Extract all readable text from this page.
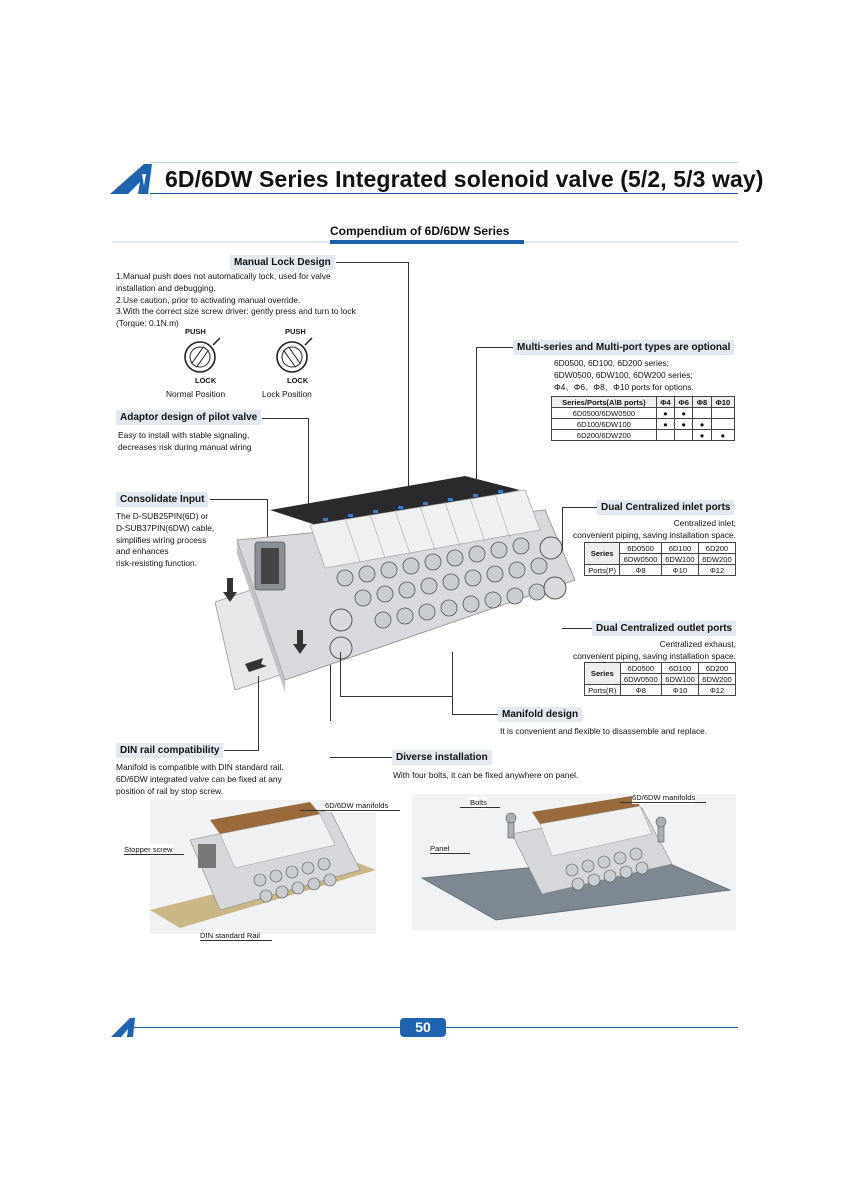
6D/6DW Series Integrated solenoid valve (5/2, 5/3 way)
Compendium of 6D/6DW Series
Manual Lock Design
1.Manual push does not automatically lock, used for valve
installation and debugging.
2.Use caution, prior to activating manual override.
3.With the correct size screw driver: gently press and turn to lock
(Torque: 0.1N.m)
PUSH
LOCK
Normal Position
PUSH
LOCK
Lock Position
Adaptor design of pilot valve
Easy to install with stable signaling,
decreases risk during manual wiring
Consolidate Input
The D-SUB25PIN(6D) or
D-SUB37PIN(6DW) cable,
simplifies wiring process
and enhances
risk-resisting function.
Multi-series and Multi-port types are optional
6D0500, 6D100, 6D200 series;
6DW0500, 6DW100, 6DW200 series;
Φ4、Φ6、Φ8、Φ10 ports for options.
Series/Ports(A\B ports)	Φ4	Φ6	Φ8	Φ10
6D0500/6DW0500	●	●		
6D100/6DW100	●	●	●	
6D200/6DW200			●	●
Dual Centralized inlet ports
Centralized inlet,
convenient piping, saving installation space.
Series	6D0500	6D100	6D200
	6DW0500	6DW100	6DW200
Ports(P)	Φ8	Φ10	Φ12
Dual Centralized outlet ports
Centralized exhaust,
convenient piping, saving installation space.
Series	6D0500	6D100	6D200
	6DW0500	6DW100	6DW200
Ports(R)	Φ8	Φ10	Φ12
Manifold design
It is convenient and flexible to disassemble and replace.
DIN rail compatibility
Manifold is compatible with DIN standard rail.
6D/6DW integrated valve can be fixed at any
position of rail by stop screw.
Diverse installation
With four bolts, it can be fixed anywhere on panel.
6D/6DW manifolds
Stopper screw
DIN standard Rail
Bolts
6D/6DW manifolds
Panel
50
